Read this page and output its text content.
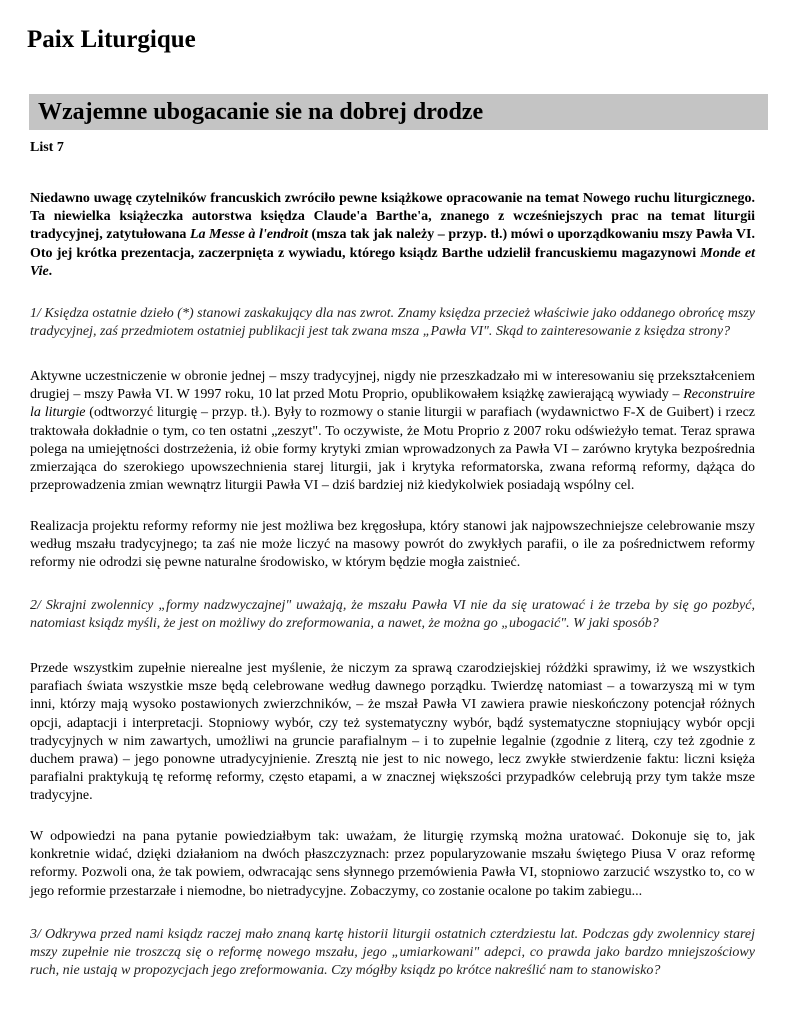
Paix Liturgique
Wzajemne ubogacanie sie na dobrej drodze
List 7

Niedawno uwagę czytelników francuskich zwróciło pewne książkowe opracowanie na temat Nowego ruchu liturgicznego. Ta niewielka książeczka autorstwa księdza Claude'a Barthe'a, znanego z wcześniejszych prac na temat liturgii tradycyjnej, zatytułowana La Messe à l'endroit (msza tak jak należy – przyp. tł.) mówi o uporządkowaniu mszy Pawła VI. Oto jej krótka prezentacja, zaczerpnięta z wywiadu, którego ksiądz Barthe udzielił francuskiemu magazynowi Monde et Vie.

1/ Księdza ostatnie dzieło (*) stanowi zaskakujący dla nas zwrot. Znamy księdza przecież właściwie jako oddanego obrońcę mszy tradycyjnej, zaś przedmiotem ostatniej publikacji jest tak zwana msza „Pawła VI". Skąd to zainteresowanie z księdza strony?

Aktywne uczestniczenie w obronie jednej – mszy tradycyjnej, nigdy nie przeszkadzało mi w interesowaniu się przekształceniem drugiej – mszy Pawła VI. W 1997 roku, 10 lat przed Motu Proprio, opublikowałem książkę zawierającą wywiady – Reconstruire la liturgie (odtworzyć liturgię – przyp. tł.). Były to rozmowy o stanie liturgii w parafiach (wydawnictwo F-X de Guibert) i rzecz traktowała dokładnie o tym, co ten ostatni „zeszyt". To oczywiste, że Motu Proprio z 2007 roku odświeżyło temat. Teraz sprawa polega na umiejętności dostrzeżenia, iż obie formy krytyki zmian wprowadzonych za Pawła VI – zarówno krytyka bezpośrednia zmierzająca do szerokiego upowszechnienia starej liturgii, jak i krytyka reformatorska, zwana reformą reformy, dążąca do przeprowadzenia zmian wewnątrz liturgii Pawła VI – dziś bardziej niż kiedykolwiek posiadają wspólny cel.

Realizacja projektu reformy reformy nie jest możliwa bez kręgosłupa, który stanowi jak najpowszechniejsze celebrowanie mszy według mszału tradycyjnego; ta zaś nie może liczyć na masowy powrót do zwykłych parafii, o ile za pośrednictwem reformy reformy nie odrodzi się pewne naturalne środowisko, w którym będzie mogła zaistnieć.

2/ Skrajni zwolennicy „formy nadzwyczajnej" uważają, że mszału Pawła VI nie da się uratować i że trzeba by się go pozbyć, natomiast ksiądz myśli, że jest on możliwy do zreformowania, a nawet, że można go „ubogacić". W jaki sposób?

Przede wszystkim zupełnie nierealne jest myślenie, że niczym za sprawą czarodziejskiej różdżki sprawimy, iż we wszystkich parafiach świata wszystkie msze będą celebrowane według dawnego porządku. Twierdzę natomiast – a towarzyszą mi w tym inni, którzy mają wysoko postawionych zwierzchników, – że mszał Pawła VI zawiera prawie nieskończony potencjał różnych opcji, adaptacji i interpretacji. Stopniowy wybór, czy też systematyczny wybór, bądź systematyczne stopniujący wybór opcji tradycyjnych w nim zawartych, umożliwi na gruncie parafialnym – i to zupełnie legalnie (zgodnie z literą, czy też zgodnie z duchem prawa) – jego ponowne utradycyjnienie. Zresztą nie jest to nic nowego, lecz zwykłe stwierdzenie faktu: liczni księża parafialni praktykują tę reformę reformy, często etapami, a w znacznej większości przypadków celebrują przy tym także msze tradycyjne.

W odpowiedzi na pana pytanie powiedziałbym tak: uważam, że liturgię rzymską można uratować. Dokonuje się to, jak konkretnie widać, dzięki działaniom na dwóch płaszczyznach: przez popularyzowanie mszału świętego Piusa V oraz reformę reformy. Pozwoli ona, że tak powiem, odwracając sens słynnego przemówienia Pawła VI, stopniowo zarzucić wszystko to, co w jego reformie przestarzałe i niemodne, bo nietradycyjne. Zobaczymy, co zostanie ocalone po takim zabiegu...

3/ Odkrywa przed nami ksiądz raczej mało znaną kartę historii liturgii ostatnich czterdziestu lat. Podczas gdy zwolennicy starej mszy zupełnie nie troszczą się o reformę nowego mszału, jego „umiarkowani" adepci, co prawda jako bardzo mniejszościowy ruch, nie ustają w propozycjach jego zreformowania. Czy mógłby ksiądz po krótce nakreślić nam to stanowisko?
